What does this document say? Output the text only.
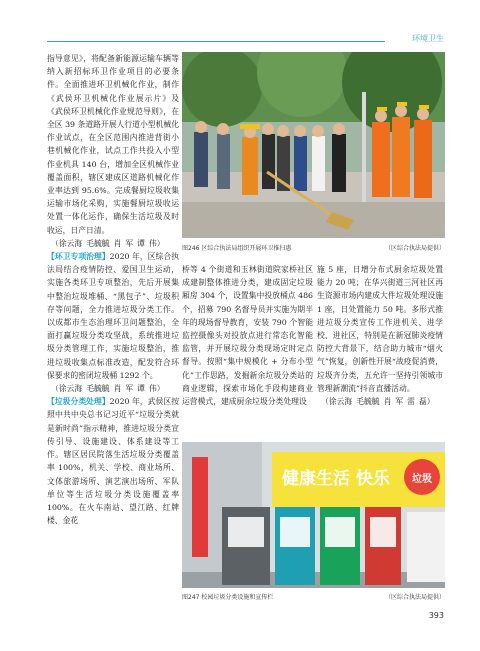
环境卫生

指导意见》，将配备新能源运输车辆等纳入新招标环卫作业项目的必要条件。全面推进环卫机械化作业，制作《武侯环卫机械化作业展示片》及《武侯环卫机械化作业规范导则》，在全区 39 条道路开展人行道小型机械化作业试点，在全区范围内推进背街小巷机械化作业，试点工作共投入小型作业机具 140 台，增加全区机械作业覆盖面积，辖区建成区道路机械化作业率达到 95.6%。完成餐厨垃圾收集运输市场化采购，实施餐厨垃圾收运处置一体化运作，确保生活垃圾及时收运，日产日清。

（徐云海 毛毓毓 肖 军 谭 伟）

【环卫专项治理】2020 年，区综合执法局结合疫情防控、爱国卫生运动，实施各类环卫专项整治，先后开展集中整治垃圾堆桶、“黑包子”、垃圾积存等问题，全力推进垃圾分类工作。以成都市生态治理环卫问题整治，全面打赢垃圾分类攻坚战，系统推进垃圾分类管理工作，实施垃圾整治，推进垃圾收集点标准改造，配发符合环保要求的密闭垃圾桶 1292 个。

（徐云海 毛毓毓 肖 军 谭 伟）

【垃圾分类处理】2020 年，武侯区按照中共中央总书记习近平“垃圾分类就是新时尚”指示精神，推进垃圾分类宣传引导、设施建设、体系建设等工作。辖区居民院落生活垃圾分类覆盖率 100%，机关、学校、商业场所、文体旅游场所、演艺演出场所、军队单位等生活垃圾分类设施覆盖率 100%。在火车南站、望江路、红牌楼、金花

图246 区综合执法局组织开展环卫推扫惠	（区综合执法局提供）

桥等 4 个街道和玉林街道院家桥社区成建制整体推进分类，建成固定垃圾厢房 304 个，设置集中投放桶点 486 个，招募 790 名督导员并实施为期半年的现场督导教育，安装 790 个智能监控摄像头对投放点进行常态化智能监管，并开展垃圾分类现场定时定点督导。按照“集中规模化 + 分布小型化”工作思路，发掘新余垃圾分类站的商业逻辑，探索市场化手段构建商业运营模式，建成厨余垃圾分类处理设

施 5 座，日增分布式厨余垃圾处置能力 20 吨；在华兴街道三河社区再生资源市场内建成大件垃圾处理设施 1 座，日处置能力 50 吨。多形式推进垃圾分类宣传工作进机关、进学校、进社区，特别是在新冠肺炎疫情防控大背景下，结合助力城市“烟火气”恢复，创新性开展“战疫促消费，垃圾齐分类，五允许一坚持引领城市管理新潮流”抖音直播活动。

（徐云海 毛毓毓 肖 军 雷 磊）

健康生活 快乐 垃圾
图247 校园垃圾分类设施和宣传栏	（区综合执法局提供）
393
